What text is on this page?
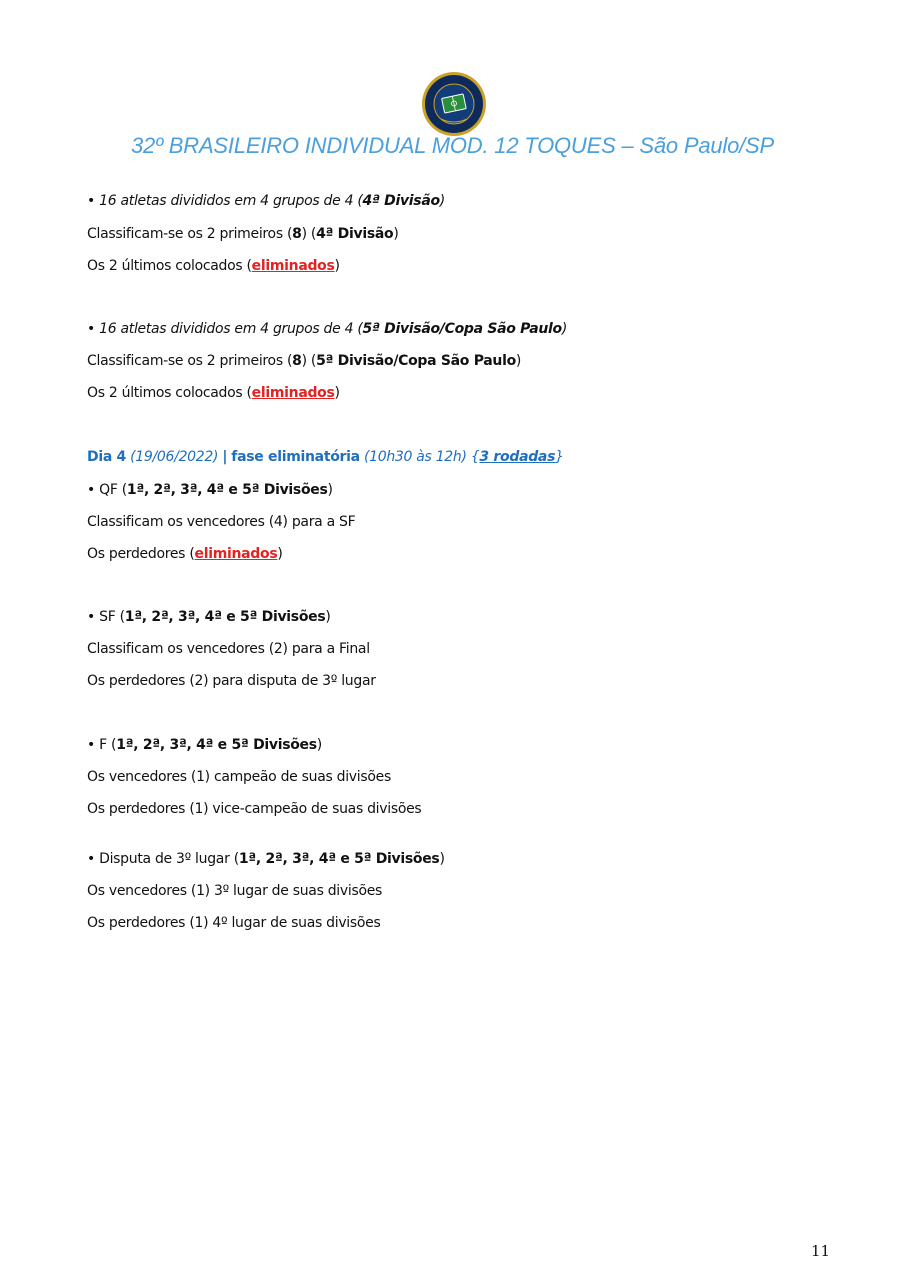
32º BRASILEIRO INDIVIDUAL MOD. 12 TOQUES – São Paulo/SP
• 16 atletas divididos em 4 grupos de 4 (4ª Divisão)
Classificam-se os 2 primeiros (8) (4ª Divisão)
Os 2 últimos colocados (eliminados)
• 16 atletas divididos em 4 grupos de 4 (5ª Divisão/Copa São Paulo)
Classificam-se os 2 primeiros (8) (5ª Divisão/Copa São Paulo)
Os 2 últimos colocados (eliminados)
Dia 4 (19/06/2022) | fase eliminatória (10h30 às 12h) {3 rodadas}
• QF (1ª, 2ª, 3ª, 4ª e 5ª Divisões)
Classificam os vencedores (4) para a SF
Os perdedores (eliminados)
• SF (1ª, 2ª, 3ª, 4ª e 5ª Divisões)
Classificam os vencedores (2) para a Final
Os perdedores (2) para disputa de 3º lugar
• F (1ª, 2ª, 3ª, 4ª e 5ª Divisões)
Os vencedores (1) campeão de suas divisões
Os perdedores (1) vice-campeão de suas divisões
• Disputa de 3º lugar (1ª, 2ª, 3ª, 4ª e 5ª Divisões)
Os vencedores (1) 3º lugar de suas divisões
Os perdedores (1) 4º lugar de suas divisões
11
